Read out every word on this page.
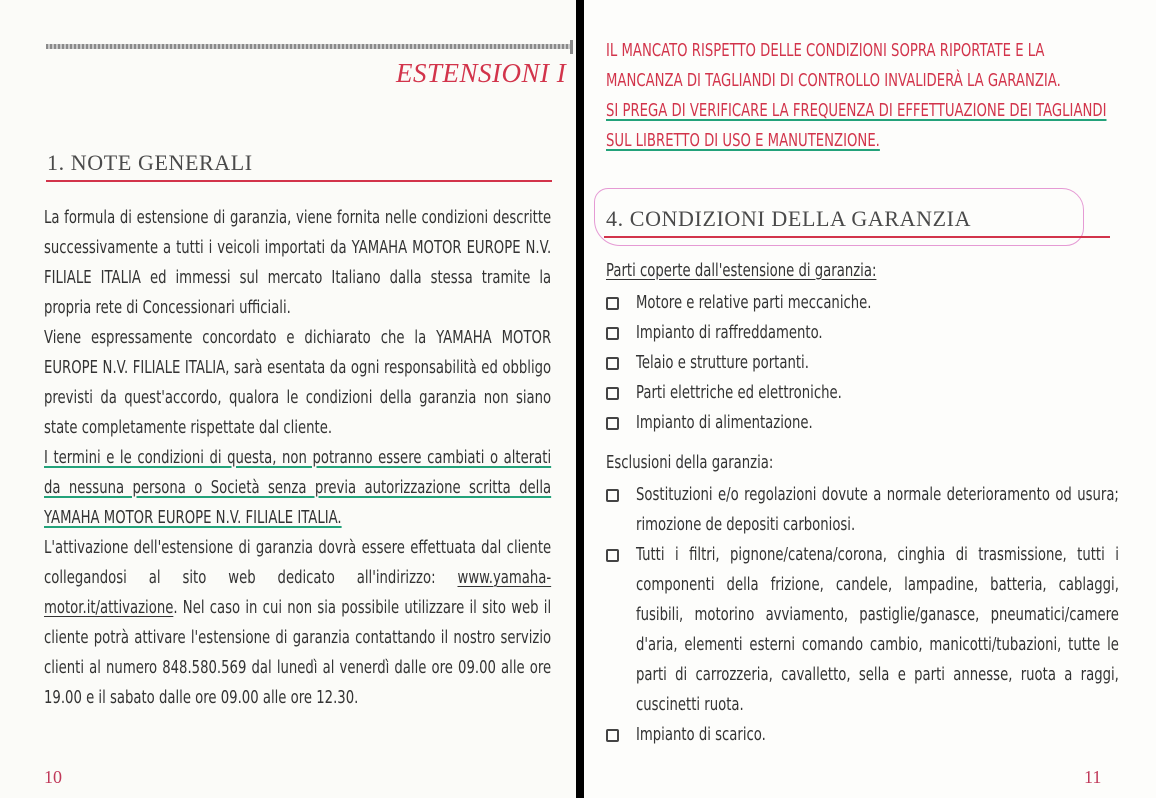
ESTENSIONI I
1. NOTE GENERALI
La formula di estensione di garanzia, viene fornita nelle condizioni descritte successivamente a tutti i veicoli importati da YAMAHA MOTOR EUROPE N.V. FILIALE ITALIA ed immessi sul mercato Italiano dalla stessa tramite la propria rete di Concessionari ufficiali.
Viene espressamente concordato e dichiarato che la YAMAHA MOTOR EUROPE N.V. FILIALE ITALIA, sarà esentata da ogni responsabilità ed obbligo previsti da quest'accordo, qualora le condizioni della garanzia non siano state completamente rispettate dal cliente.
I termini e le condizioni di questa, non potranno essere cambiati o alterati da nessuna persona o Società senza previa autorizzazione scritta della YAMAHA MOTOR EUROPE N.V. FILIALE ITALIA.
L'attivazione dell'estensione di garanzia dovrà essere effettuata dal cliente collegandosi al sito web dedicato all'indirizzo: www.yamaha-motor.it/attivazione. Nel caso in cui non sia possibile utilizzare il sito web il cliente potrà attivare l'estensione di garanzia contattando il nostro servizio clienti al numero 848.580.569 dal lunedì al venerdì dalle ore 09.00 alle ore 19.00 e il sabato dalle ore 09.00 alle ore 12.30.
10
IL MANCATO RISPETTO DELLE CONDIZIONI SOPRA RIPORTATE E LA MANCANZA DI TAGLIANDI DI CONTROLLO INVALIDERÀ LA GARANZIA.
SI PREGA DI VERIFICARE LA FREQUENZA DI EFFETTUAZIONE DEI TAGLIANDI SUL LIBRETTO DI USO E MANUTENZIONE.
4. CONDIZIONI DELLA GARANZIA
Parti coperte dall'estensione di garanzia:
Motore e relative parti meccaniche.
Impianto di raffreddamento.
Telaio e strutture portanti.
Parti elettriche ed elettroniche.
Impianto di alimentazione.
Esclusioni della garanzia:
Sostituzioni e/o regolazioni dovute a normale deterioramento od usura; rimozione de depositi carboniosi.
Tutti i filtri, pignone/catena/corona, cinghia di trasmissione, tutti i componenti della frizione, candele, lampadine, batteria, cablaggi, fusibili, motorino avviamento, pastiglie/ganasce, pneumatici/camere d'aria, elementi esterni comando cambio, manicotti/tubazioni, tutte le parti di carrozzeria, cavalletto, sella e parti annesse, ruota a raggi, cuscinetti ruota.
Impianto di scarico.
11
